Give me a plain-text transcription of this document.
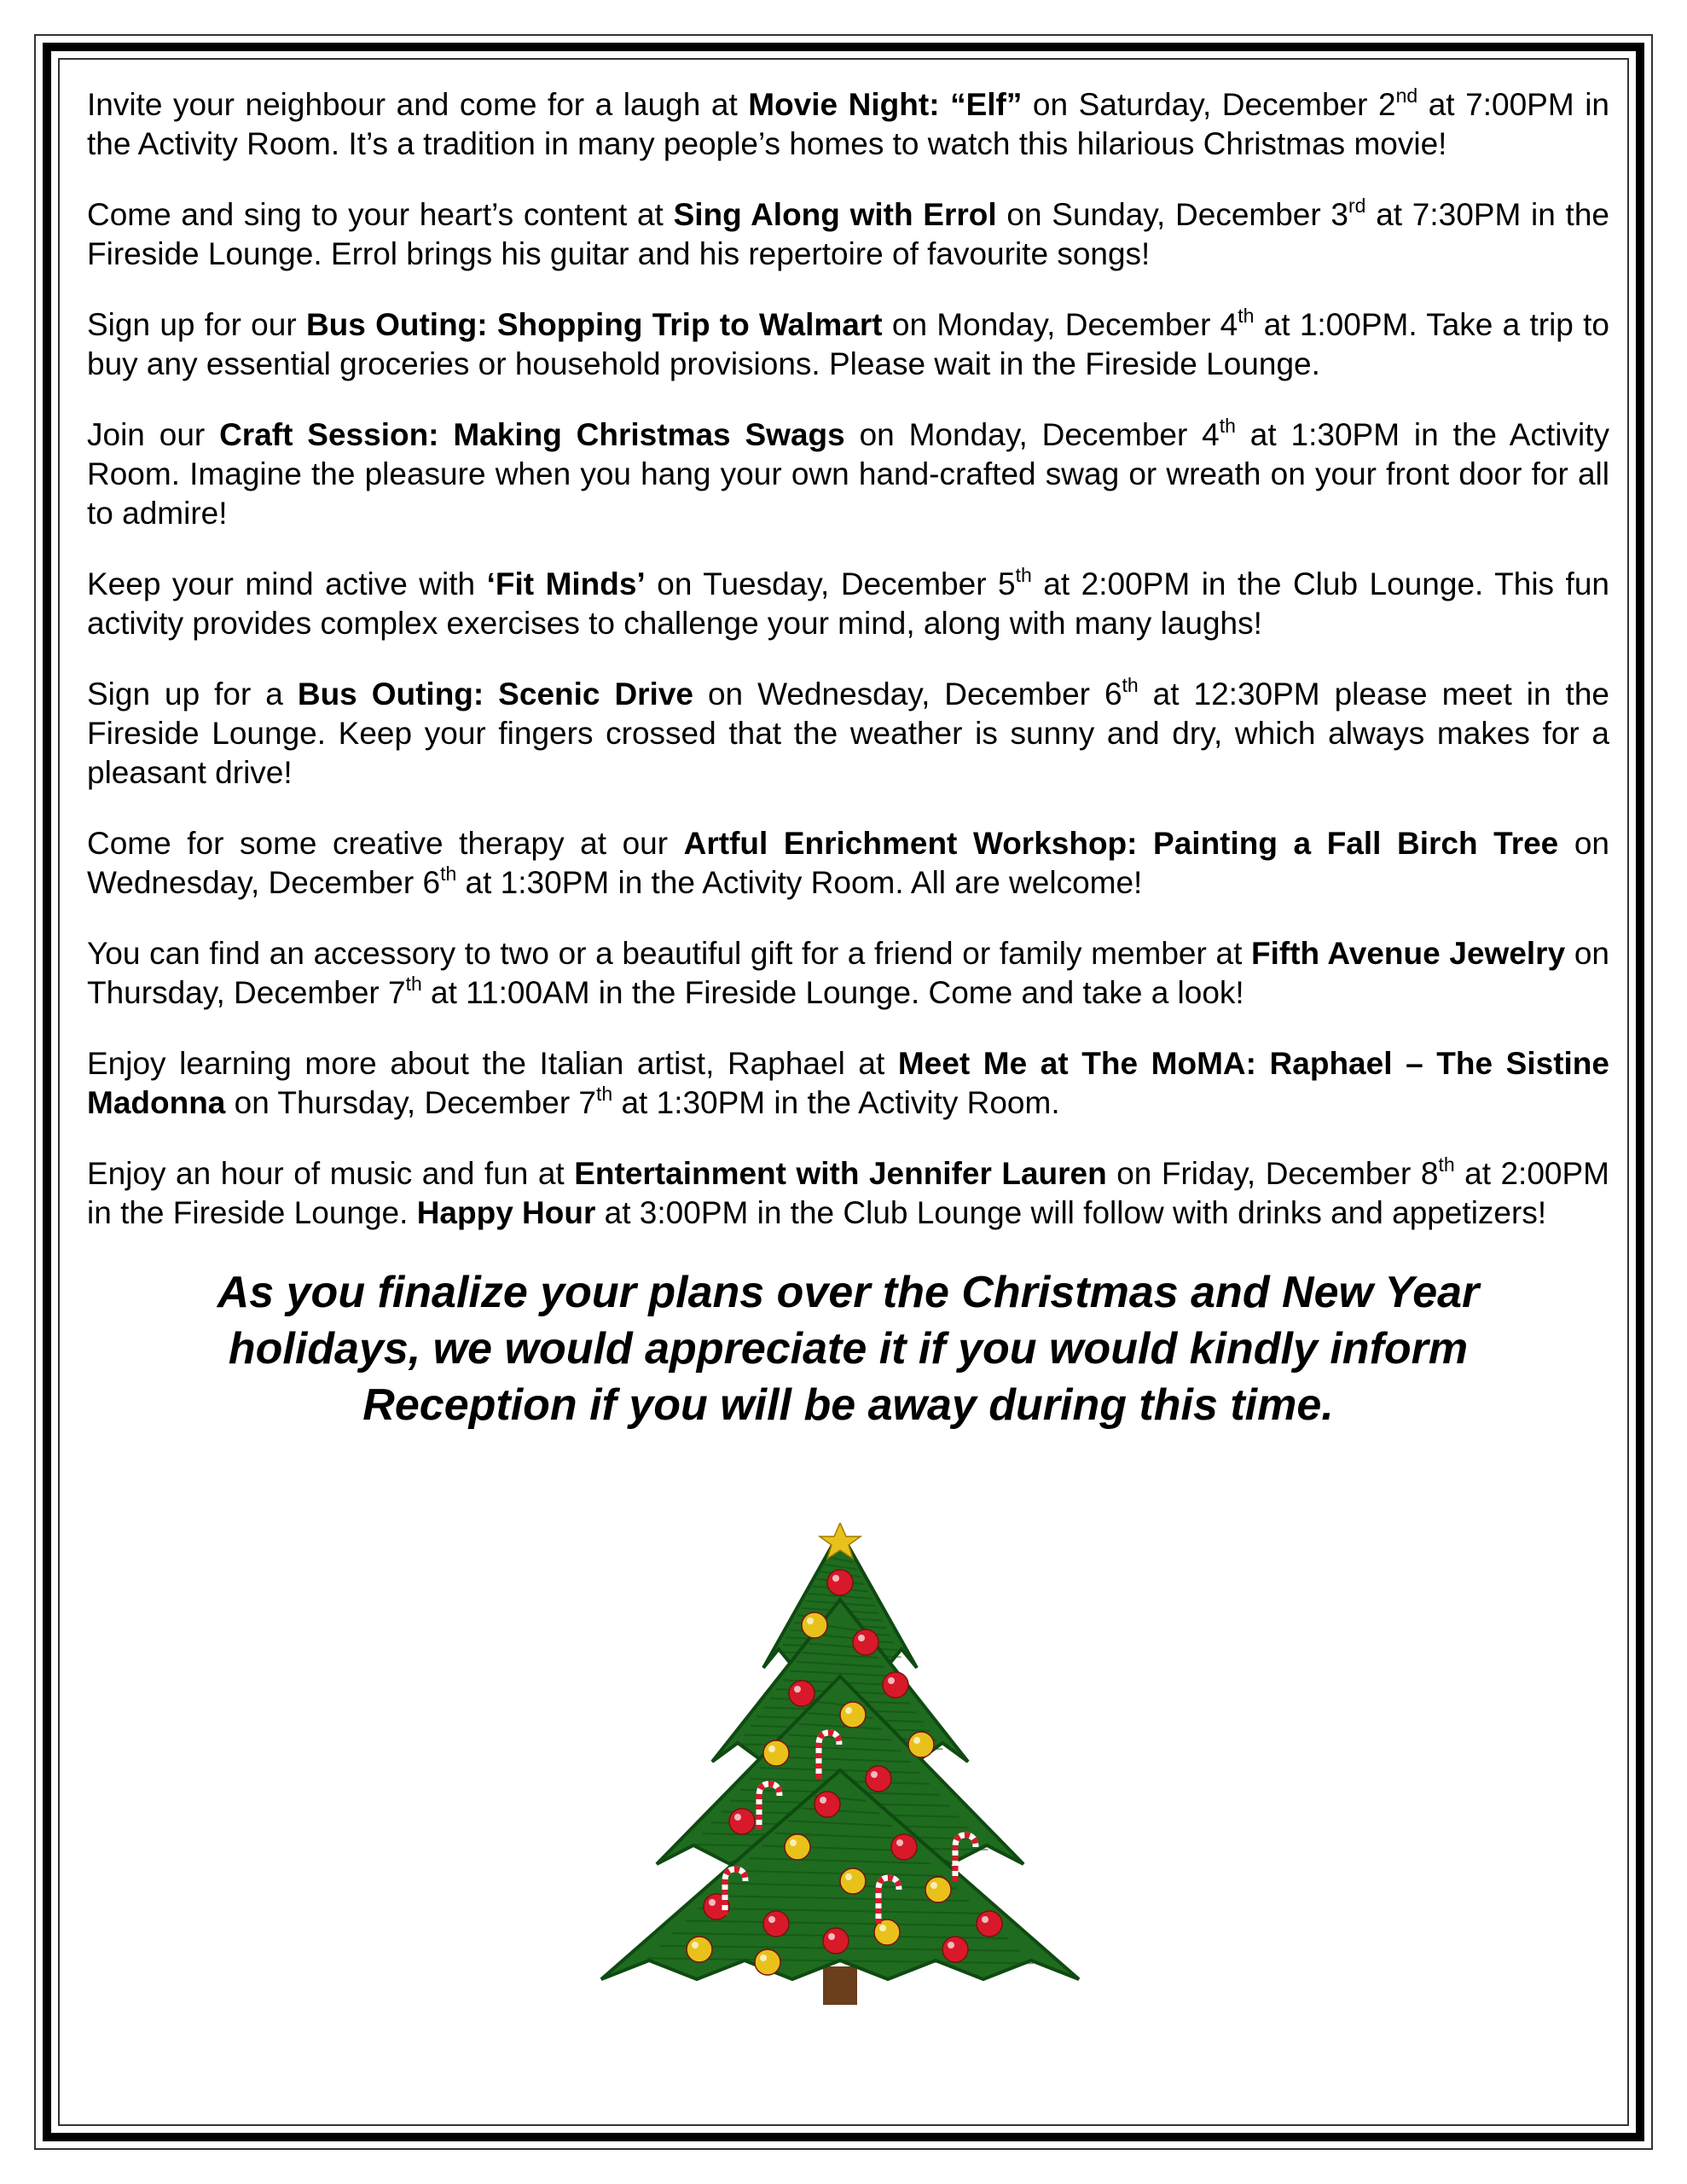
Invite your neighbour and come for a laugh at Movie Night: “Elf” on Saturday, December 2nd at 7:00PM in the Activity Room. It’s a tradition in many people’s homes to watch this hilarious Christmas movie!

Come and sing to your heart’s content at Sing Along with Errol on Sunday, December 3rd at 7:30PM in the Fireside Lounge. Errol brings his guitar and his repertoire of favourite songs!

Sign up for our Bus Outing: Shopping Trip to Walmart on Monday, December 4th at 1:00PM. Take a trip to buy any essential groceries or household provisions. Please wait in the Fireside Lounge.

Join our Craft Session: Making Christmas Swags on Monday, December 4th at 1:30PM in the Activity Room. Imagine the pleasure when you hang your own hand-crafted swag or wreath on your front door for all to admire!

Keep your mind active with ‘Fit Minds’ on Tuesday, December 5th at 2:00PM in the Club Lounge. This fun activity provides complex exercises to challenge your mind, along with many laughs!

Sign up for a Bus Outing: Scenic Drive on Wednesday, December 6th at 12:30PM please meet in the Fireside Lounge. Keep your fingers crossed that the weather is sunny and dry, which always makes for a pleasant drive!

Come for some creative therapy at our Artful Enrichment Workshop: Painting a Fall Birch Tree on Wednesday, December 6th at 1:30PM in the Activity Room. All are welcome!

You can find an accessory to two or a beautiful gift for a friend or family member at Fifth Avenue Jewelry on Thursday, December 7th at 11:00AM in the Fireside Lounge. Come and take a look!

Enjoy learning more about the Italian artist, Raphael at Meet Me at The MoMA: Raphael – The Sistine Madonna on Thursday, December 7th at 1:30PM in the Activity Room.

Enjoy an hour of music and fun at Entertainment with Jennifer Lauren on Friday, December 8th at 2:00PM in the Fireside Lounge. Happy Hour at 3:00PM in the Club Lounge will follow with drinks and appetizers!

As you finalize your plans over the Christmas and New Year
holidays, we would appreciate it if you would kindly inform
Reception if you will be away during this time.
